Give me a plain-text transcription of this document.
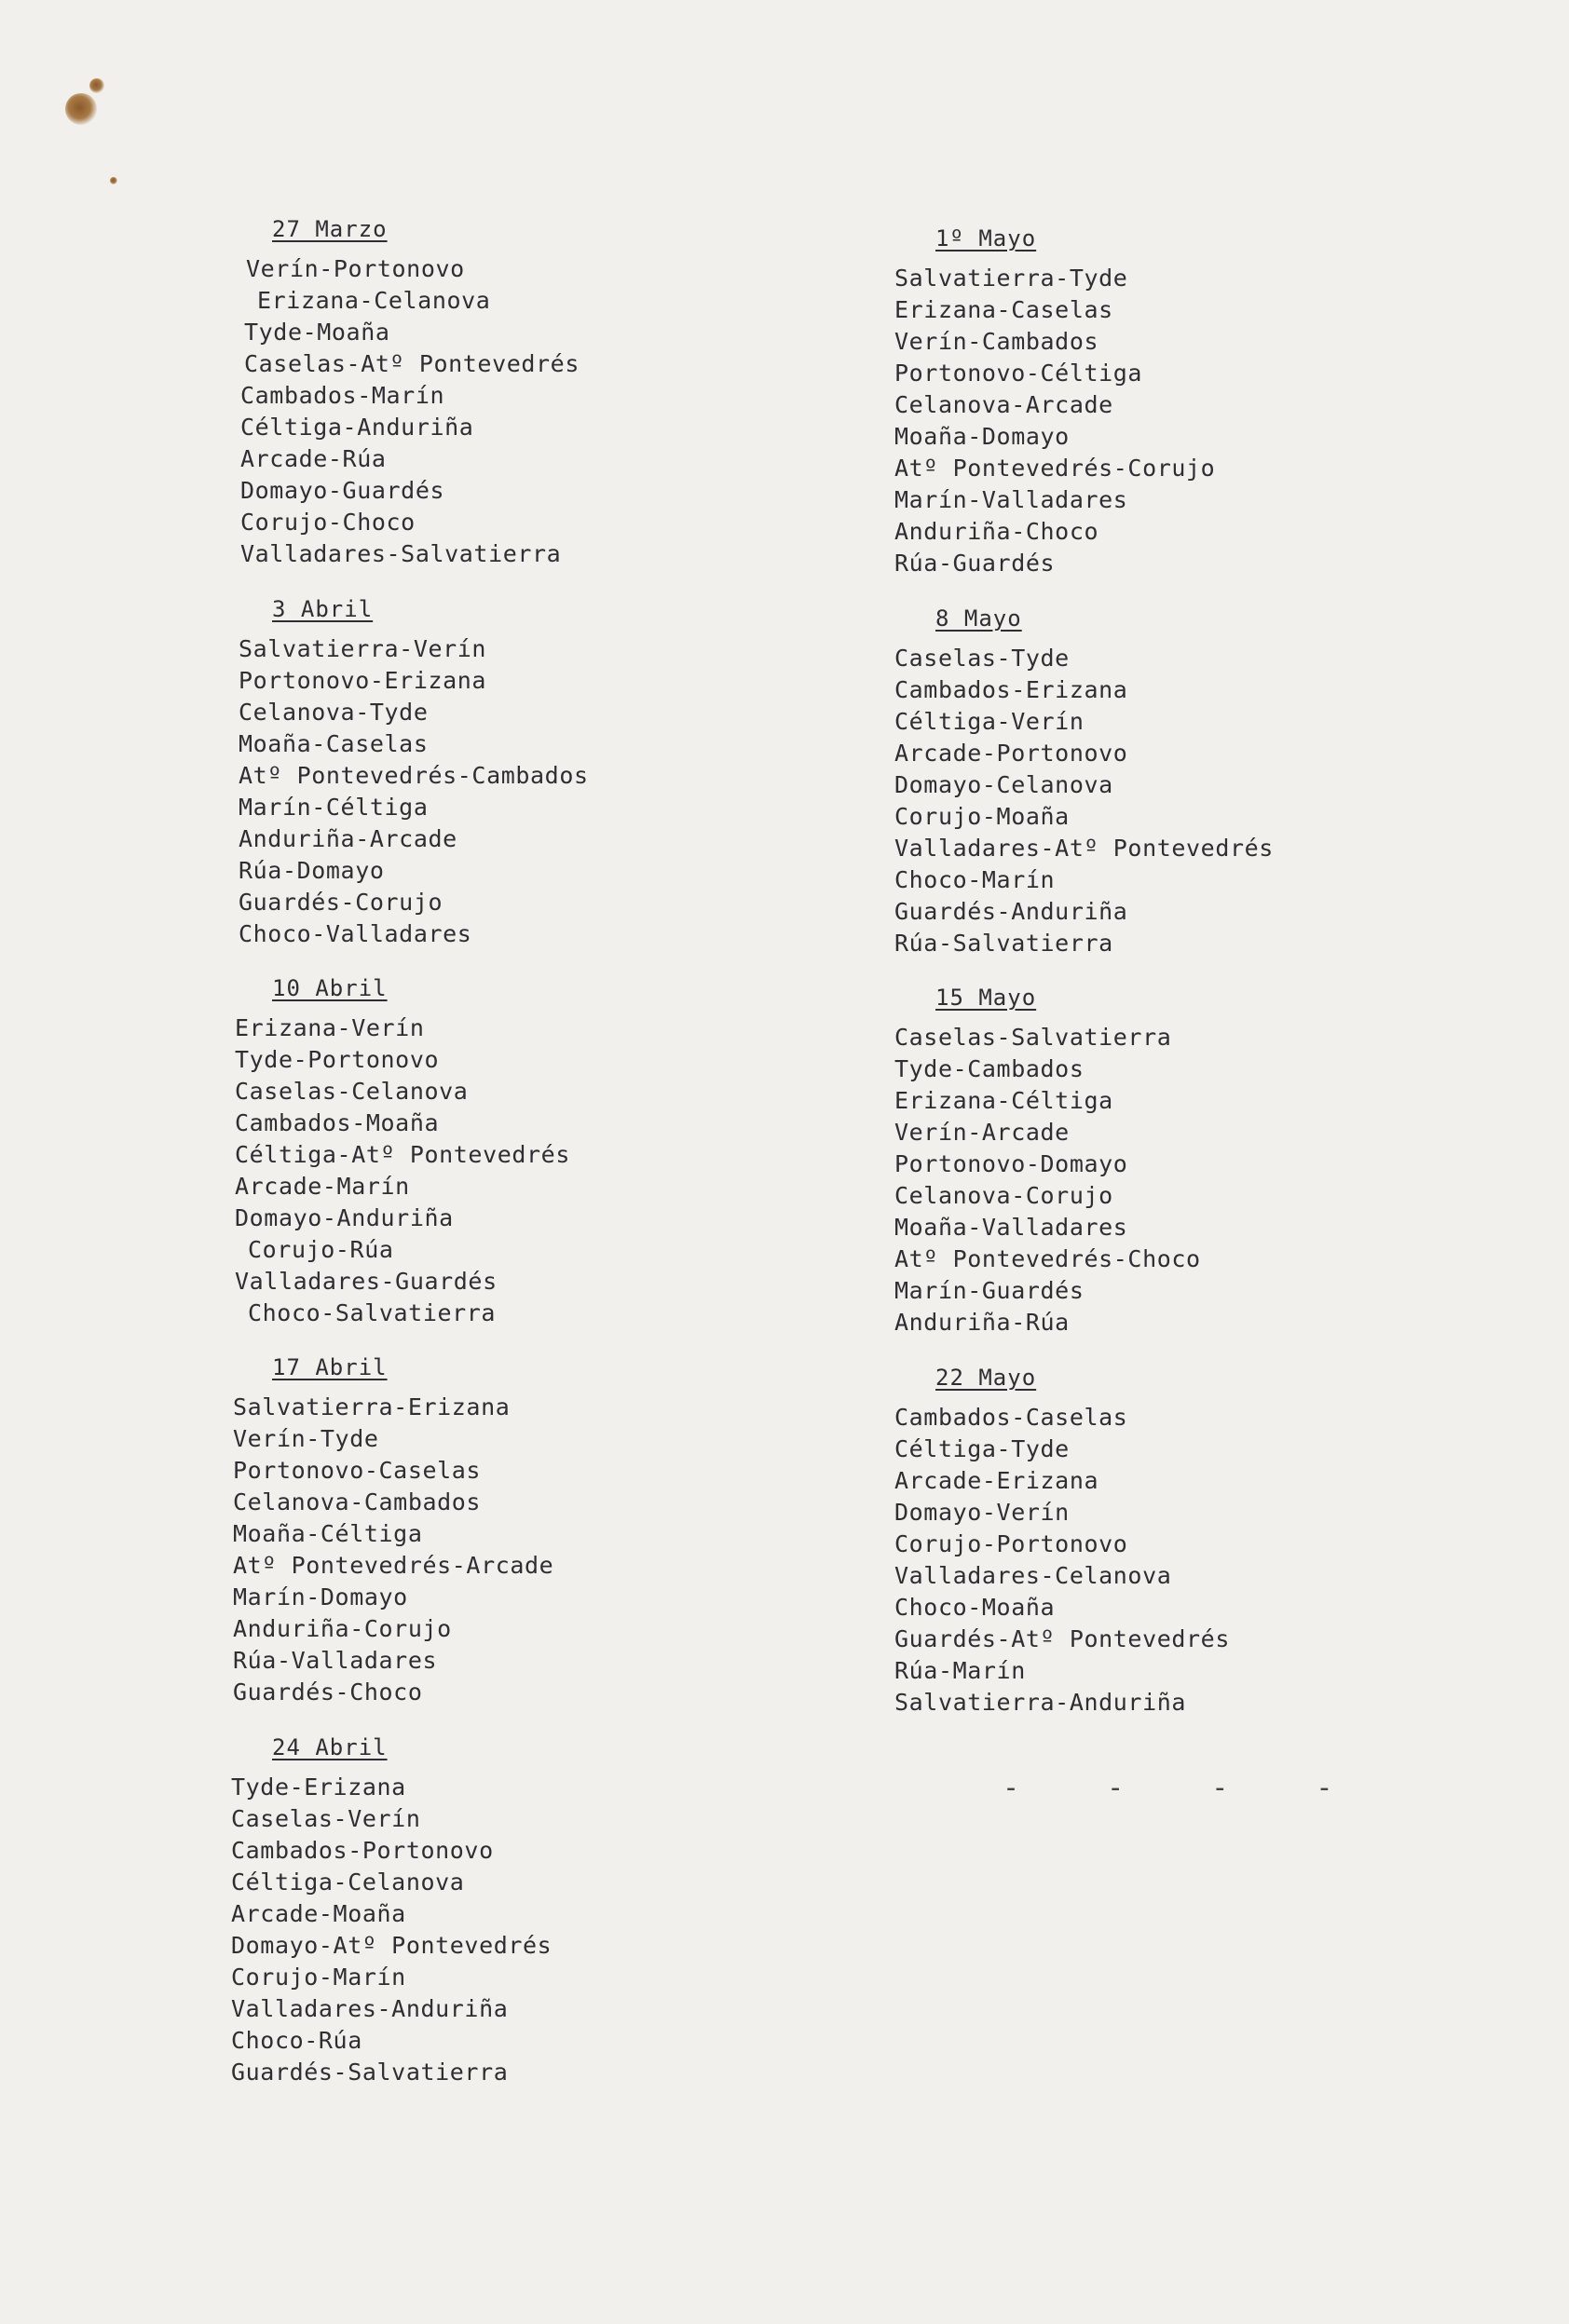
27 Marzo
Verín-Portonovo
Erizana-Celanova
Tyde-Moaña
Caselas-Atº Pontevedrés
Cambados-Marín
Céltiga-Anduriña
Arcade-Rúa
Domayo-Guardés
Corujo-Choco
Valladares-Salvatierra
3 Abril
Salvatierra-Verín
Portonovo-Erizana
Celanova-Tyde
Moaña-Caselas
Atº Pontevedrés-Cambados
Marín-Céltiga
Anduriña-Arcade
Rúa-Domayo
Guardés-Corujo
Choco-Valladares
10 Abril
Erizana-Verín
Tyde-Portonovo
Caselas-Celanova
Cambados-Moaña
Céltiga-Atº Pontevedrés
Arcade-Marín
Domayo-Anduriña
Corujo-Rúa
Valladares-Guardés
Choco-Salvatierra
17 Abril
Salvatierra-Erizana
Verín-Tyde
Portonovo-Caselas
Celanova-Cambados
Moaña-Céltiga
Atº Pontevedrés-Arcade
Marín-Domayo
Anduriña-Corujo
Rúa-Valladares
Guardés-Choco
24 Abril
Tyde-Erizana
Caselas-Verín
Cambados-Portonovo
Céltiga-Celanova
Arcade-Moaña
Domayo-Atº Pontevedrés
Corujo-Marín
Valladares-Anduriña
Choco-Rúa
Guardés-Salvatierra
1º Mayo
Salvatierra-Tyde
Erizana-Caselas
Verín-Cambados
Portonovo-Céltiga
Celanova-Arcade
Moaña-Domayo
Atº Pontevedrés-Corujo
Marín-Valladares
Anduriña-Choco
Rúa-Guardés
8 Mayo
Caselas-Tyde
Cambados-Erizana
Céltiga-Verín
Arcade-Portonovo
Domayo-Celanova
Corujo-Moaña
Valladares-Atº Pontevedrés
Choco-Marín
Guardés-Anduriña
Rúa-Salvatierra
15 Mayo
Caselas-Salvatierra
Tyde-Cambados
Erizana-Céltiga
Verín-Arcade
Portonovo-Domayo
Celanova-Corujo
Moaña-Valladares
Atº Pontevedrés-Choco
Marín-Guardés
Anduriña-Rúa
22 Mayo
Cambados-Caselas
Céltiga-Tyde
Arcade-Erizana
Domayo-Verín
Corujo-Portonovo
Valladares-Celanova
Choco-Moaña
Guardés-Atº Pontevedrés
Rúa-Marín
Salvatierra-Anduriña
- - - -
